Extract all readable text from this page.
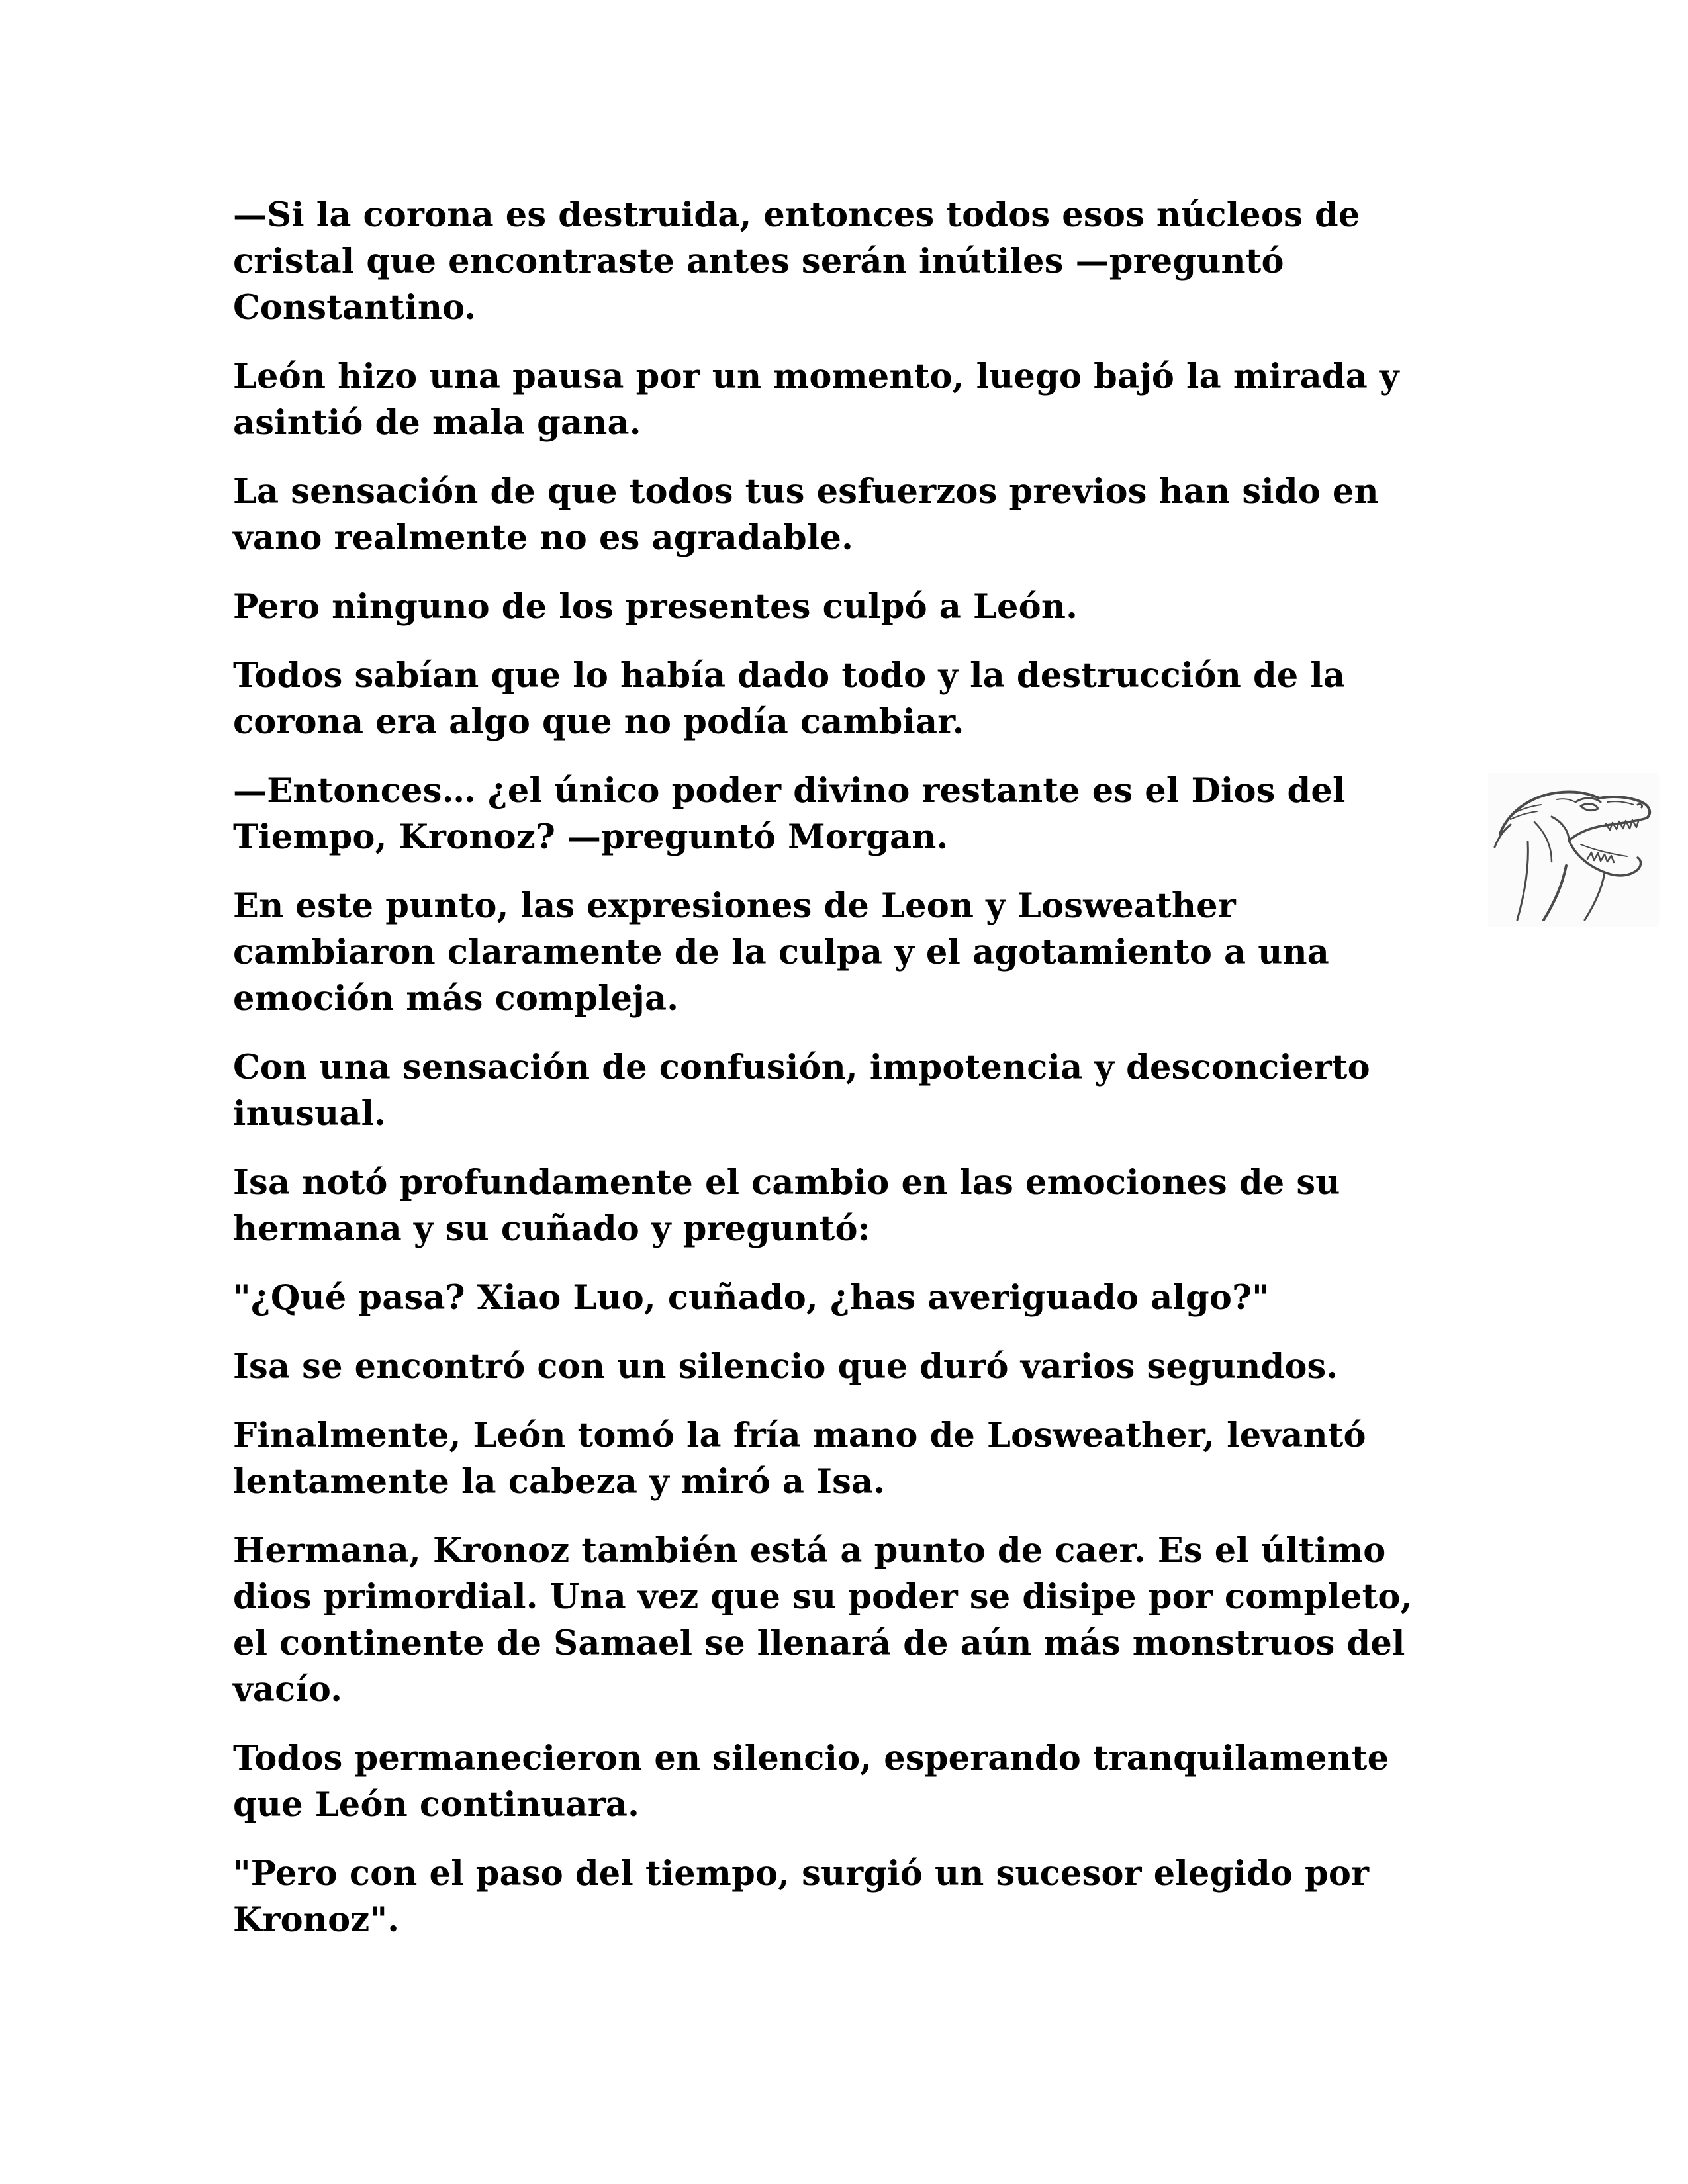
—Si la corona es destruida, entonces todos esos núcleos de cristal que encontraste antes serán inútiles —preguntó Constantino.

León hizo una pausa por un momento, luego bajó la mirada y asintió de mala gana.

La sensación de que todos tus esfuerzos previos han sido en vano realmente no es agradable.

Pero ninguno de los presentes culpó a León.

Todos sabían que lo había dado todo y la destrucción de la corona era algo que no podía cambiar.

—Entonces… ¿el único poder divino restante es el Dios del Tiempo, Kronoz? —preguntó Morgan.

En este punto, las expresiones de Leon y Losweather cambiaron claramente de la culpa y el agotamiento a una emoción más compleja.

Con una sensación de confusión, impotencia y desconcierto inusual.

Isa notó profundamente el cambio en las emociones de su hermana y su cuñado y preguntó:

"¿Qué pasa? Xiao Luo, cuñado, ¿has averiguado algo?"

Isa se encontró con un silencio que duró varios segundos.

Finalmente, León tomó la fría mano de Losweather, levantó lentamente la cabeza y miró a Isa.

Hermana, Kronoz también está a punto de caer. Es el último dios primordial. Una vez que su poder se disipe por completo, el continente de Samael se llenará de aún más monstruos del vacío.

Todos permanecieron en silencio, esperando tranquilamente que León continuara.

"Pero con el paso del tiempo, surgió un sucesor elegido por Kronoz".
